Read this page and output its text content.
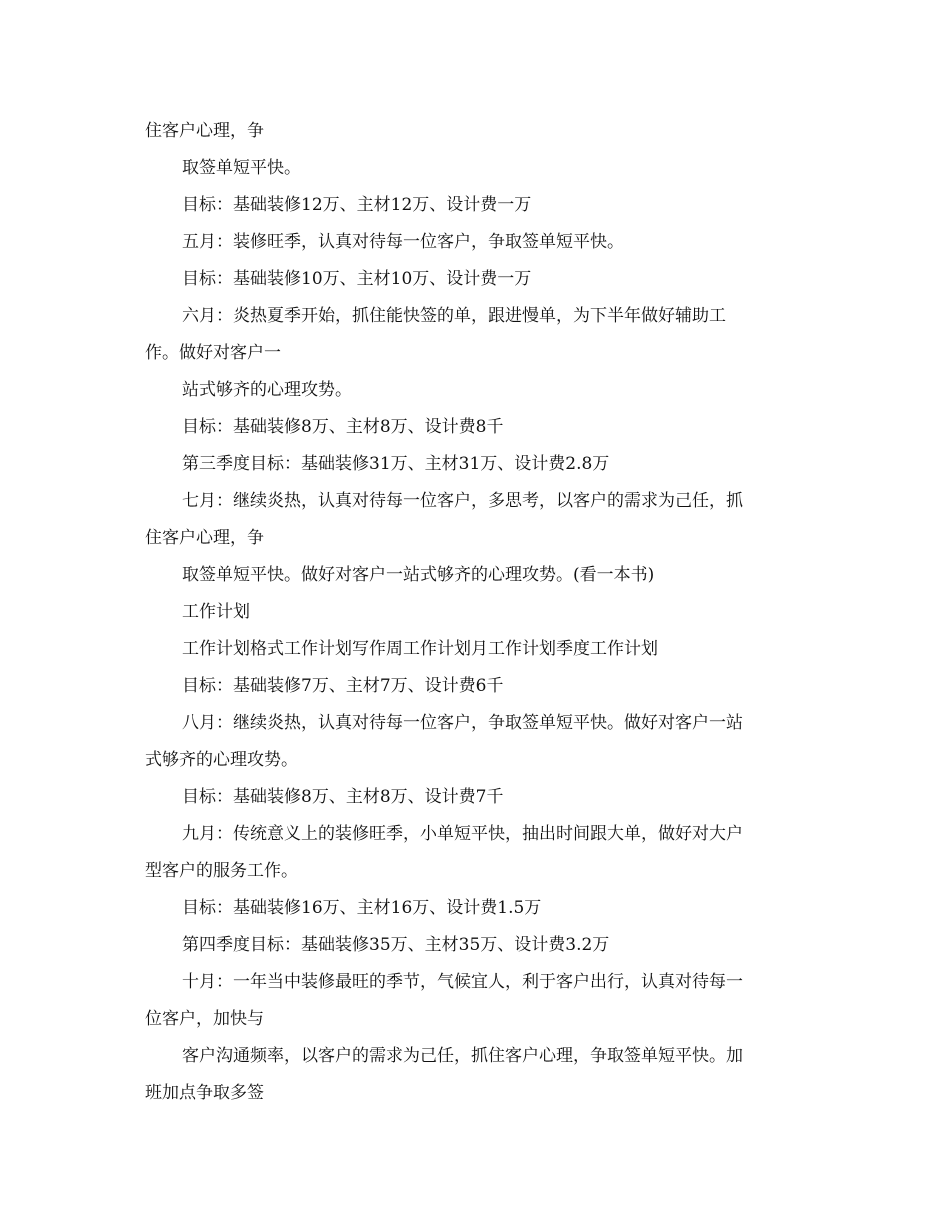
住客户心理，争

取签单短平快。

目标：基础装修12万、主材12万、设计费一万

五月：装修旺季，认真对待每一位客户，争取签单短平快。

目标：基础装修10万、主材10万、设计费一万

六月：炎热夏季开始，抓住能快签的单，跟进慢单，为下半年做好辅助工

作。做好对客户一

站式够齐的心理攻势。

目标：基础装修8万、主材8万、设计费8千

第三季度目标：基础装修31万、主材31万、设计费2.8万

七月：继续炎热，认真对待每一位客户，多思考，以客户的需求为己任，抓

住客户心理，争

取签单短平快。做好对客户一站式够齐的心理攻势。(看一本书)

工作计划

工作计划格式工作计划写作周工作计划月工作计划季度工作计划

目标：基础装修7万、主材7万、设计费6千

八月：继续炎热，认真对待每一位客户，争取签单短平快。做好对客户一站

式够齐的心理攻势。

目标：基础装修8万、主材8万、设计费7千

九月：传统意义上的装修旺季，小单短平快，抽出时间跟大单，做好对大户

型客户的服务工作。

目标：基础装修16万、主材16万、设计费1.5万

第四季度目标：基础装修35万、主材35万、设计费3.2万

十月：一年当中装修最旺的季节，气候宜人，利于客户出行，认真对待每一

位客户，加快与

客户沟通频率，以客户的需求为己任，抓住客户心理，争取签单短平快。加

班加点争取多签
